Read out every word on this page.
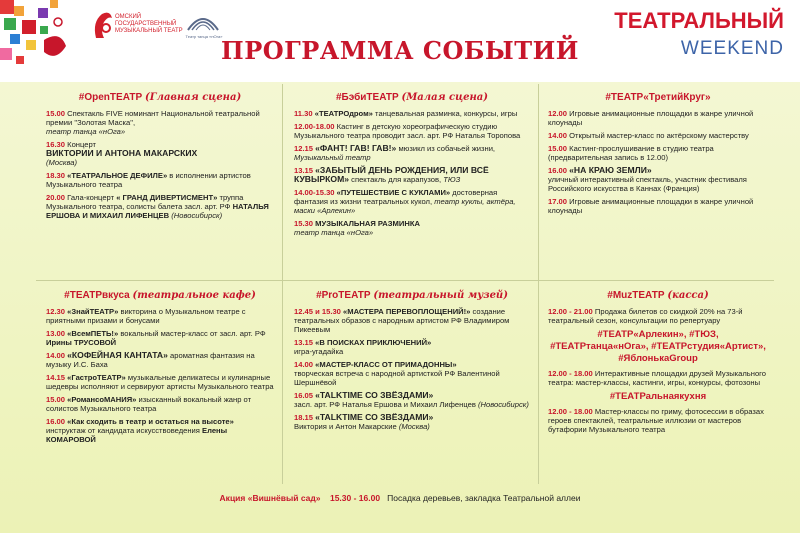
ОМСКИЙ ГОСУДАРСТВЕННЫЙ МУЗЫКАЛЬНЫЙ ТЕАТР
Театр танца «нОга»
ПРОГРАММА СОБЫТИЙ
ТЕАТРАЛЬНЫЙ
WEEKEND
#OpenТЕАТР (Главная сцена)
15.00 Спектакль FIVE номинант Национальной театральной премии "Золотая Маска",
театр танца «нОга»
16.30 Концерт
ВИКТОРИИ И АНТОНА МАКАРСКИХ
(Москва)
18.30 «ТЕАТРАЛЬНОЕ ДЕФИЛЕ» в исполнении артистов Музыкального театра
20.00 Гала-концерт « ГРАНД ДИВЕРТИСМЕНТ» труппа Музыкального театра, солисты балета засл. арт. РФ НАТАЛЬЯ ЕРШОВА И МИХАИЛ ЛИФЕНЦЕВ (Новосибирск)
#БэбиТЕАТР (Малая сцена)
11.30 «ТЕАТРОдром» танцевальная разминка, конкурсы, игры
12.00-18.00 Кастинг в детскую хореографическую студию Музыкального театра проводит засл. арт. РФ Наталья Торопова
12.15 «ФАНТ! ГАВ! ГАВ!» мюзикл из собачьей жизни, Музыкальный театр
13.15 «ЗАБЫТЫЙ ДЕНЬ РОЖДЕНИЯ, ИЛИ ВСЁ КУВЫРКОМ» спектакль для карапузов, ТЮЗ
14.00-15.30 «ПУТЕШЕСТВИЕ С КУКЛАМИ» достоверная фантазия из жизни театральных кукол, театр куклы, актёра, маски «Арлекин»
15.30 МУЗЫКАЛЬНАЯ РАЗМИНКА
театр танца «нОга»
#ТЕАТР«ТретийКруг»
12.00 Игровые анимационные площадки в жанре уличной клоунады
14.00 Открытый мастер-класс по актёрскому мастерству
15.00 Кастинг-прослушивание в студию театра (предварительная запись в 12.00)
16.00 «НА КРАЮ ЗЕМЛИ»
уличный интерактивный спектакль, участник фестиваля Российского искусства в Каннах (Франция)
17.00 Игровые анимационные площадки в жанре уличной клоунады
#ТЕАТРвкуса (театральное кафе)
12.30 «ЗнайТЕАТР» викторина о Музыкальном театре с приятными призами и бонусами
13.00 «ВсемПЕТЬ!» вокальный мастер-класс от засл. арт. РФ Ирины ТРУСОВОЙ
14.00 «КОФЕЙНАЯ КАНТАТА» ароматная фантазия на музыку И.С. Баха
14.15 «ГастроТЕАТР» музыкальные деликатесы и кулинарные шедевры исполняют и сервируют артисты Музыкального театра
15.00 «РомансоМАНИЯ» изысканный вокальный жанр от солистов Музыкального театра
16.00 «Как сходить в театр и остаться на высоте» инструктаж от кандидата искусствоведения Елены КОМАРОВОЙ
#ProТЕАТР (театральный музей)
12.45 и 15.30 «МАСТЕРА ПЕРЕВОПЛОЩЕНИЙ!» создание театральных образов с народным артистом РФ Владимиром Пикеевым
13.15 «В ПОИСКАХ ПРИКЛЮЧЕНИЙ»
игра-угадайка
14.00 «МАСТЕР-КЛАСС ОТ ПРИМАДОННЫ»
творческая встреча с народной артисткой РФ Валентиной Шершнёвой
16.05 «TALKTIME СО ЗВЁЗДАМИ»
засл. арт. РФ Наталья Ершова и Михаил Лифенцев (Новосибирск)
18.15 «TALKTIME СО ЗВЁЗДАМИ»
Виктория и Антон Макарские (Москва)
#MuzТЕАТР (касса)
12.00 - 21.00 Продажа билетов со скидкой 20% на 73-й театральный сезон, консультации по репертуару
#ТЕАТР«Арлекин», #ТЮЗ, #ТЕАТРтанца«нОга», #ТЕАТРстудия«Артист», #ЯблонькаGroup
12.00 - 18.00 Интерактивные площадки друзей Музыкального театра: мастер-классы, кастинги, игры, конкурсы, фотозоны
#ТЕАТРальнаякухня
12.00 - 18.00 Мастер-классы по гриму, фотосессии в образах героев спектаклей, театральные иллюзии от мастеров бутафории Музыкального театра
Акция «Вишнёвый сад» 15.30 - 16.00 Посадка деревьев, закладка Театральной аллеи
